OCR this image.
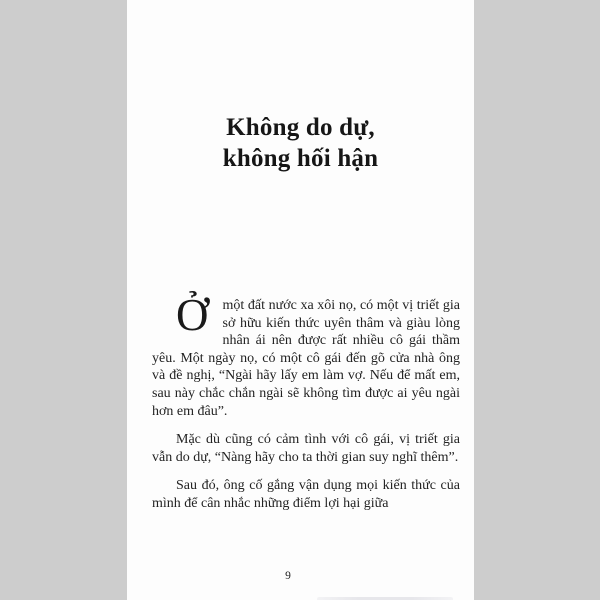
Không do dự,
không hối hận

Ở một đất nước xa xôi nọ, có một vị triết gia sở hữu kiến thức uyên thâm và giàu lòng nhân ái nên được rất nhiều cô gái thầm yêu. Một ngày nọ, có một cô gái đến gõ cửa nhà ông và đề nghị, “Ngài hãy lấy em làm vợ. Nếu để mất em, sau này chắc chắn ngài sẽ không tìm được ai yêu ngài hơn em đâu”.

Mặc dù cũng có cảm tình với cô gái, vị triết gia vẫn do dự, “Nàng hãy cho ta thời gian suy nghĩ thêm”.

Sau đó, ông cố gắng vận dụng mọi kiến thức của mình để cân nhắc những điểm lợi hại giữa

9
